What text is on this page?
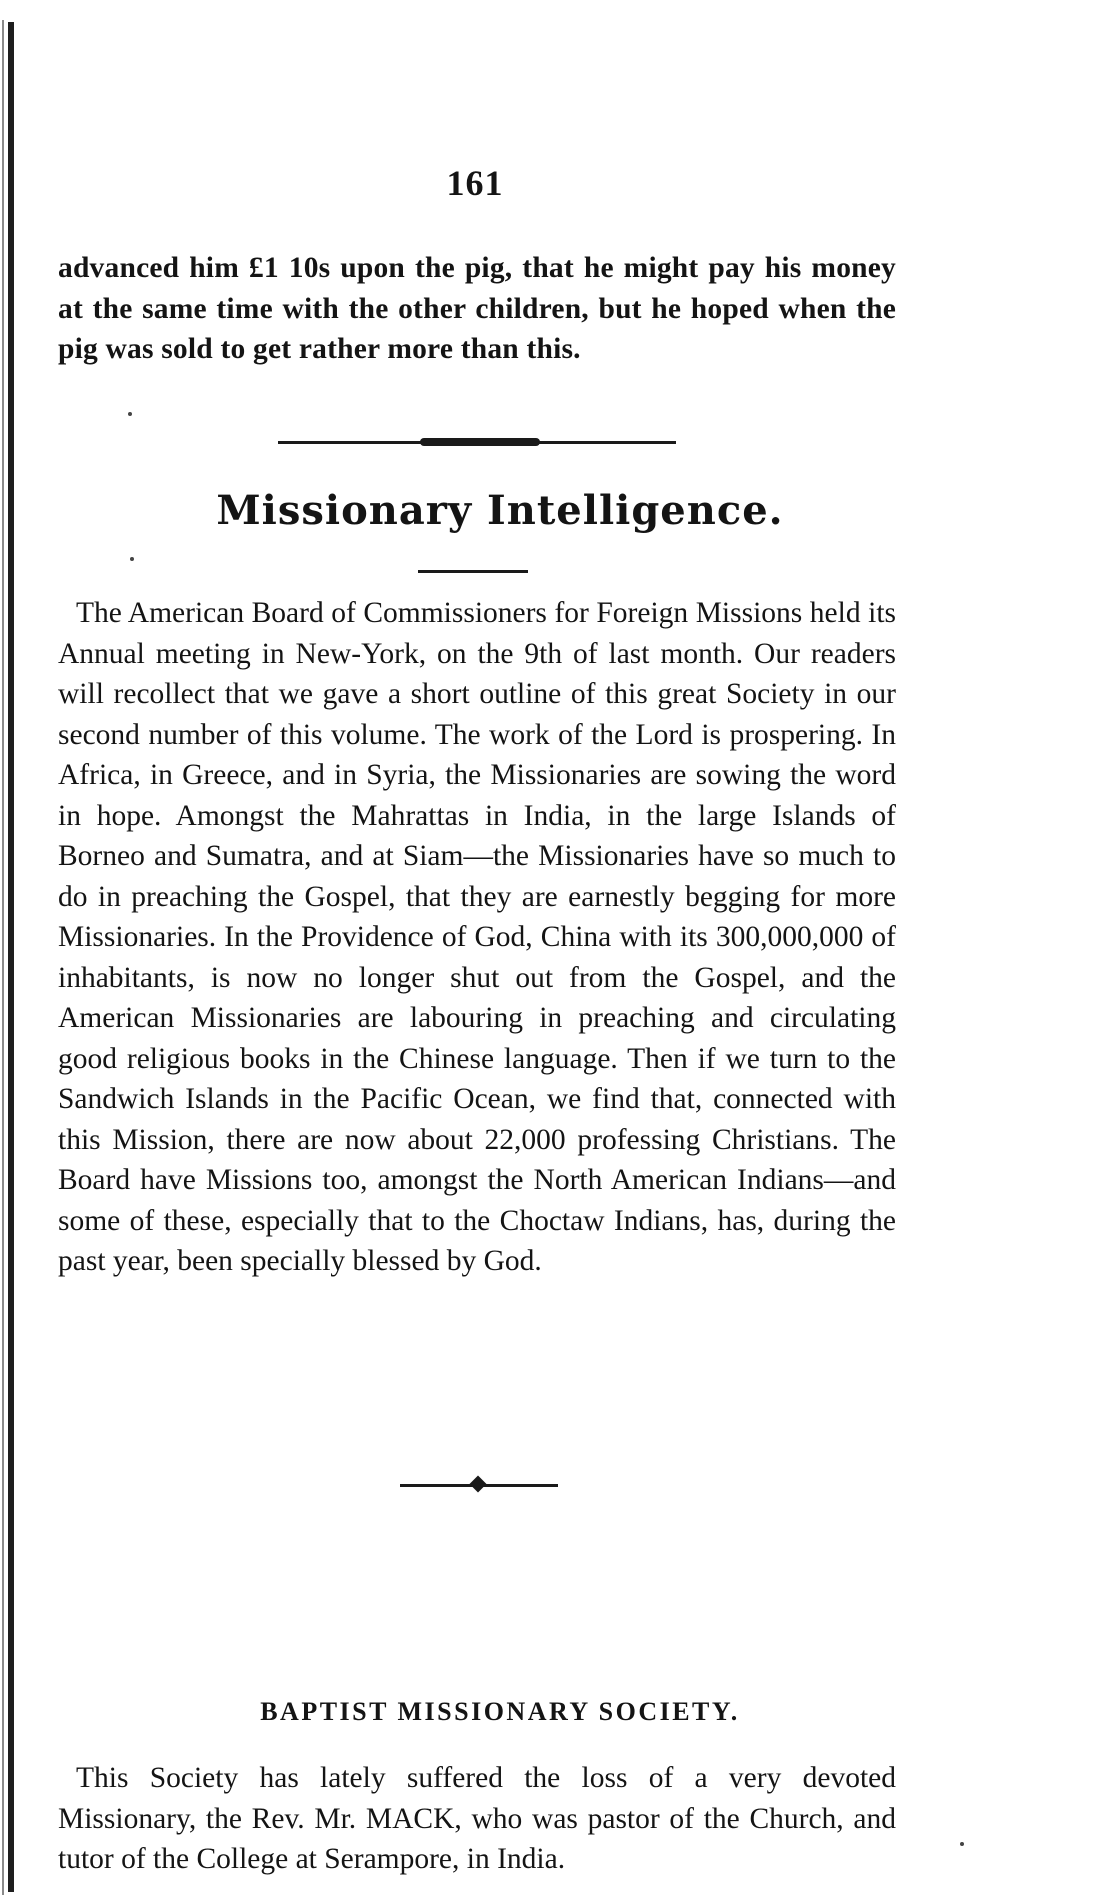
161

advanced him £1 10s upon the pig, that he might pay his money at the same time with the other children, but he hoped when the pig was sold to get rather more than this.

Missionary Intelligence.

The American Board of Commissioners for Foreign Missions held its Annual meeting in New-York, on the 9th of last month. Our readers will recollect that we gave a short outline of this great Society in our second number of this volume. The work of the Lord is prospering. In Africa, in Greece, and in Syria, the Missionaries are sowing the word in hope. Amongst the Mahrattas in India, in the large Islands of Borneo and Sumatra, and at Siam—the Missionaries have so much to do in preaching the Gospel, that they are earnestly begging for more Missionaries. In the Providence of God, China with its 300,000,000 of inhabitants, is now no longer shut out from the Gospel, and the American Missionaries are labouring in preaching and circulating good religious books in the Chinese language. Then if we turn to the Sandwich Islands in the Pacific Ocean, we find that, connected with this Mission, there are now about 22,000 professing Christians. The Board have Missions too, amongst the North American Indians—and some of these, especially that to the Choctaw Indians, has, during the past year, been specially blessed by God.

BAPTIST MISSIONARY SOCIETY.

This Society has lately suffered the loss of a very devoted Missionary, the Rev. Mr. MACK, who was pastor of the Church, and tutor of the College at Serampore, in India.
